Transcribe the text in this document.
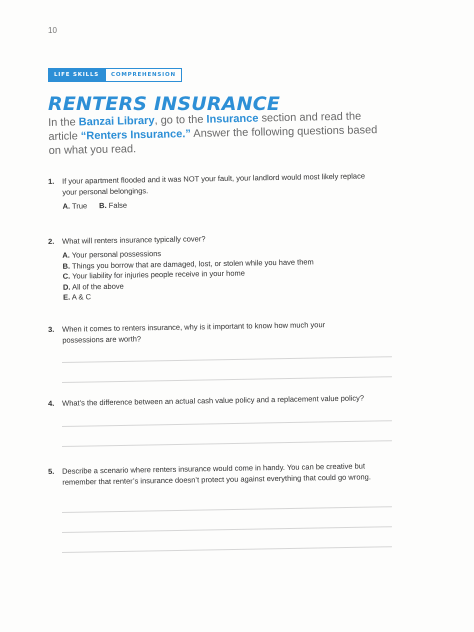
10
LIFE SKILLS	COMPREHENSION
RENTERS INSURANCE
In the Banzai Library, go to the Insurance section and read the article “Renters Insurance.” Answer the following questions based on what you read.
1. If your apartment flooded and it was NOT your fault, your landlord would most likely replace your personal belongings.
A. True B. False
2. What will renters insurance typically cover?
A. Your personal possessions
B. Things you borrow that are damaged, lost, or stolen while you have them
C. Your liability for injuries people receive in your home
D. All of the above
E. A & C
3. When it comes to renters insurance, why is it important to know how much your possessions are worth?
4. What’s the difference between an actual cash value policy and a replacement value policy?
5. Describe a scenario where renters insurance would come in handy. You can be creative but remember that renter’s insurance doesn’t protect you against everything that could go wrong.
